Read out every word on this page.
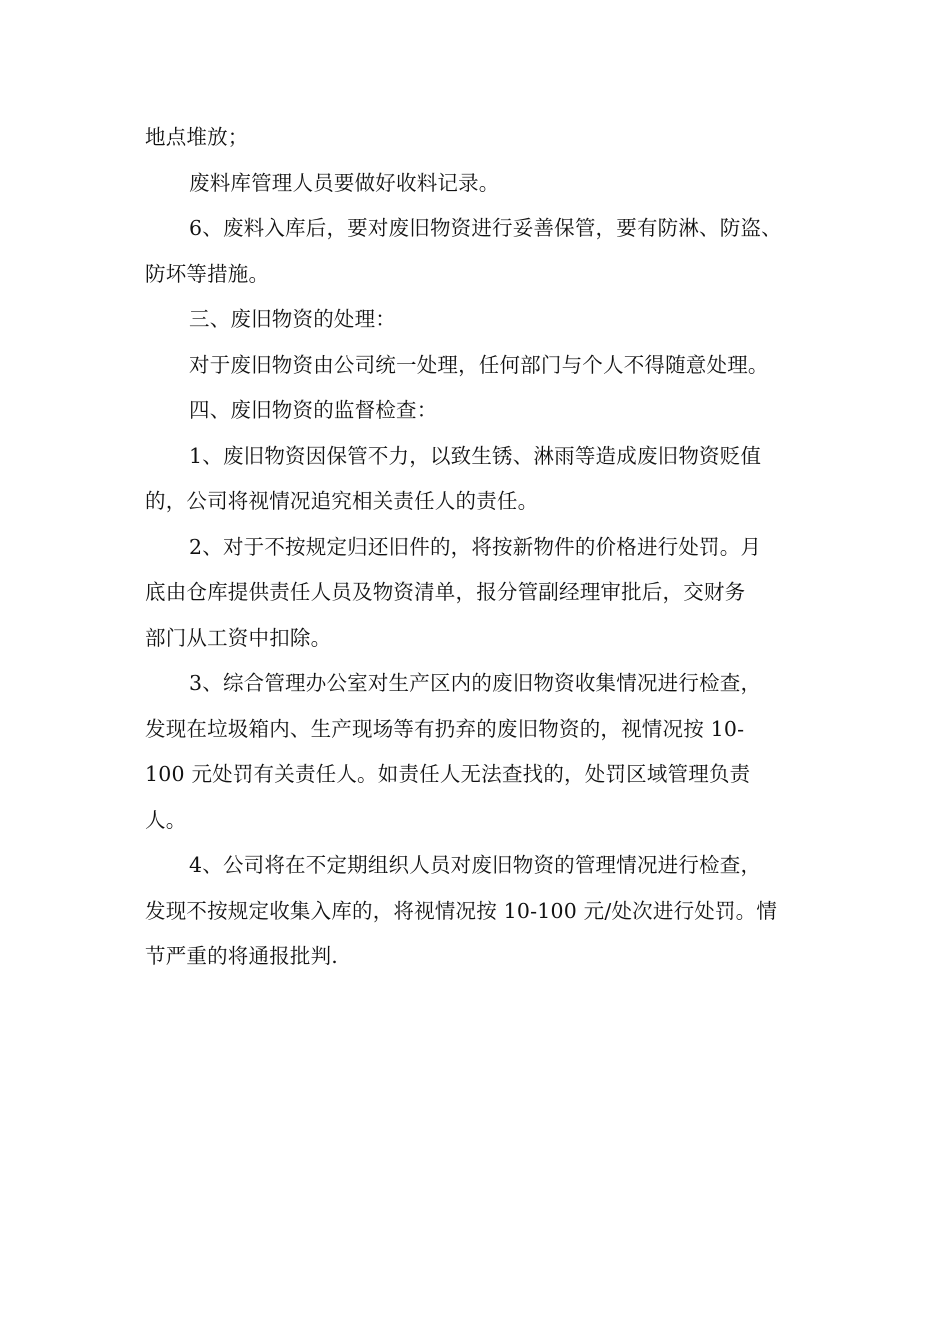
地点堆放；
废料库管理人员要做好收料记录。
6、废料入库后，要对废旧物资进行妥善保管，要有防淋、防盗、
防坏等措施。
三、废旧物资的处理：
对于废旧物资由公司统一处理，任何部门与个人不得随意处理。
四、废旧物资的监督检查：
1、废旧物资因保管不力，以致生锈、淋雨等造成废旧物资贬值
的，公司将视情况追究相关责任人的责任。
2、对于不按规定归还旧件的，将按新物件的价格进行处罚。月
底由仓库提供责任人员及物资清单，报分管副经理审批后，交财务
部门从工资中扣除。
3、综合管理办公室对生产区内的废旧物资收集情况进行检查，
发现在垃圾箱内、生产现场等有扔弃的废旧物资的，视情况按 10-
100 元处罚有关责任人。如责任人无法查找的，处罚区域管理负责
人。
4、公司将在不定期组织人员对废旧物资的管理情况进行检查，
发现不按规定收集入库的，将视情况按 10-100 元/处次进行处罚。情
节严重的将通报批判.
